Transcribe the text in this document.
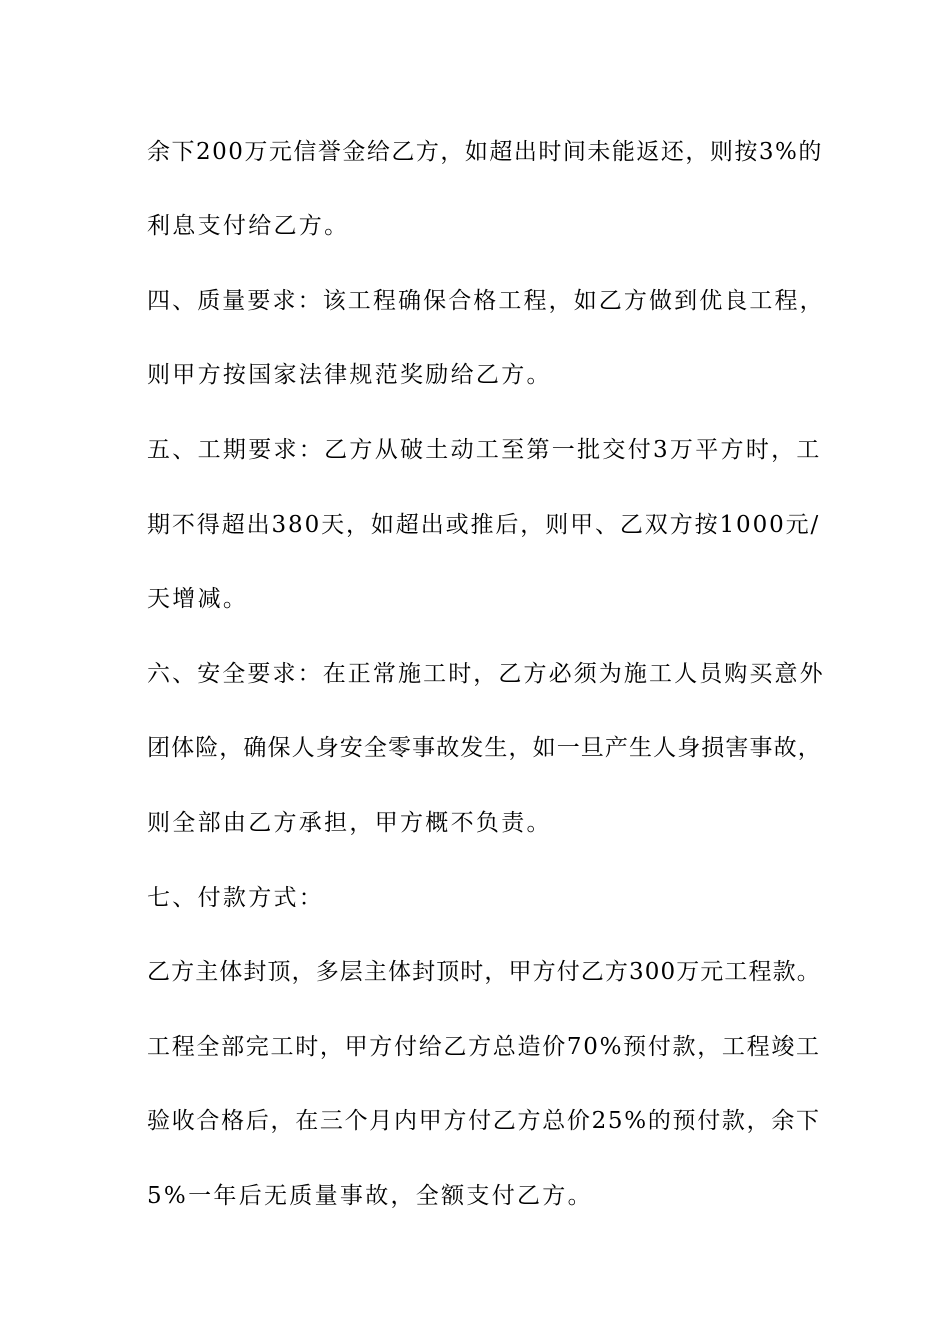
余下200万元信誉金给乙方，如超出时间未能返还，则按3%的
利息支付给乙方。
四、质量要求：该工程确保合格工程，如乙方做到优良工程，
则甲方按国家法律规范奖励给乙方。
五、工期要求：乙方从破土动工至第一批交付3万平方时，工
期不得超出380天，如超出或推后，则甲、乙双方按1000元/
天增减。
六、安全要求：在正常施工时，乙方必须为施工人员购买意外
团体险，确保人身安全零事故发生，如一旦产生人身损害事故，
则全部由乙方承担，甲方概不负责。
七、付款方式：
乙方主体封顶，多层主体封顶时，甲方付乙方300万元工程款。
工程全部完工时，甲方付给乙方总造价70%预付款，工程竣工
验收合格后，在三个月内甲方付乙方总价25%的预付款，余下
5%一年后无质量事故，全额支付乙方。
